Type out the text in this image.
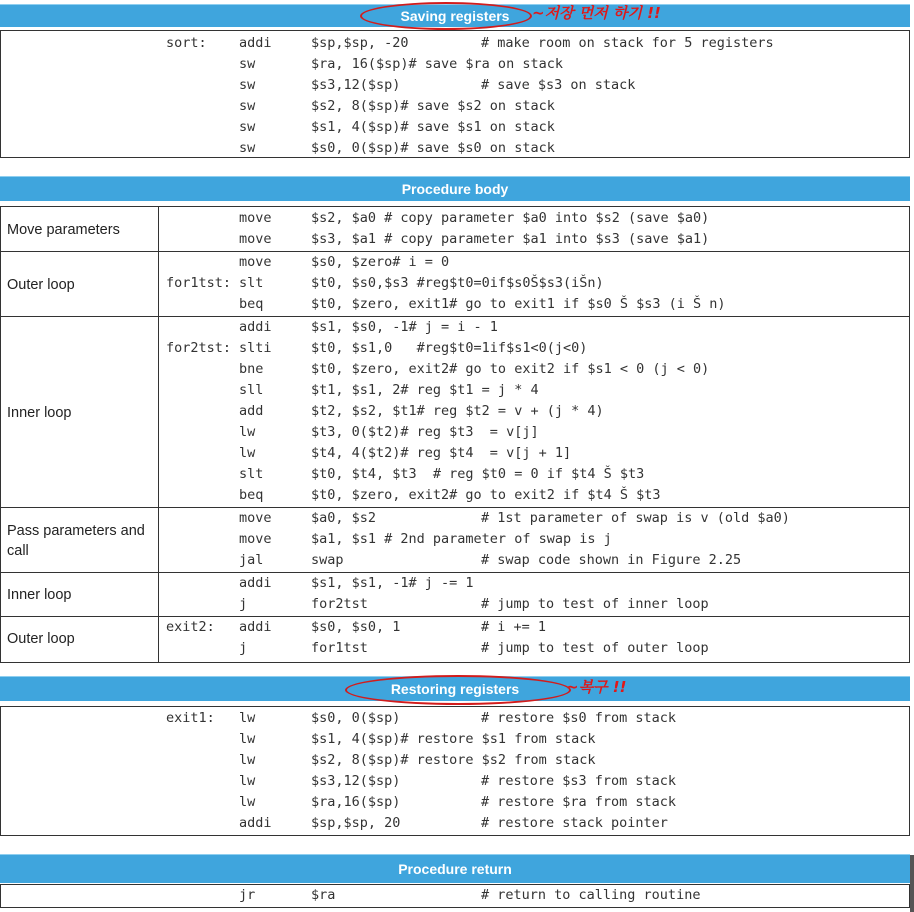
Saving registers	~저장 먼저 하기 !!
sort: addi	$sp,$sp, -20	# make room on stack for 5 registers
sw	$ra, 16($sp)# save $ra on stack
sw	$s3,12($sp)	# save $s3 on stack
sw	$s2, 8($sp)# save $s2 on stack
sw	$s1, 4($sp)# save $s1 on stack
sw	$s0, 0($sp)# save $s0 on stack
Procedure body
Move parameters
move	$s2, $a0 # copy parameter $a0 into $s2 (save $a0)
move	$s3, $a1 # copy parameter $a1 into $s3 (save $a1)
Outer loop
move	$s0, $zero# i = 0
for1tst: slt	$t0, $s0,$s3 #reg$t0=0if$s0Š$s3(iŠn)
beq	$t0, $zero, exit1# go to exit1 if $s0 Š $s3 (i Š n)
Inner loop
addi	$s1, $s0, -1# j = i - 1
for2tst: slti	$t0, $s1,0   #reg$t0=1if$s1<0(j<0)
bne	$t0, $zero, exit2# go to exit2 if $s1 < 0 (j < 0)
sll	$t1, $s1, 2# reg $t1 = j * 4
add	$t2, $s2, $t1# reg $t2 = v + (j * 4)
lw	$t3, 0($t2)# reg $t3  = v[j]
lw	$t4, 4($t2)# reg $t4  = v[j + 1]
slt	$t0, $t4, $t3  # reg $t0 = 0 if $t4 Š $t3
beq	$t0, $zero, exit2# go to exit2 if $t4 Š $t3
Pass parameters and call
move	$a0, $s2	# 1st parameter of swap is v (old $a0)
move	$a1, $s1 # 2nd parameter of swap is j
jal	swap	# swap code shown in Figure 2.25
Inner loop
addi	$s1, $s1, -1# j -= 1
j	for2tst	# jump to test of inner loop
Outer loop
exit2: addi	$s0, $s0, 1	# i += 1
j	for1tst	# jump to test of outer loop
Restoring registers	~복구 !!
exit1: lw	$s0, 0($sp)	# restore $s0 from stack
lw	$s1, 4($sp)# restore $s1 from stack
lw	$s2, 8($sp)# restore $s2 from stack
lw	$s3,12($sp)	# restore $s3 from stack
lw	$ra,16($sp)	# restore $ra from stack
addi	$sp,$sp, 20	# restore stack pointer
Procedure return
jr	$ra	# return to calling routine
